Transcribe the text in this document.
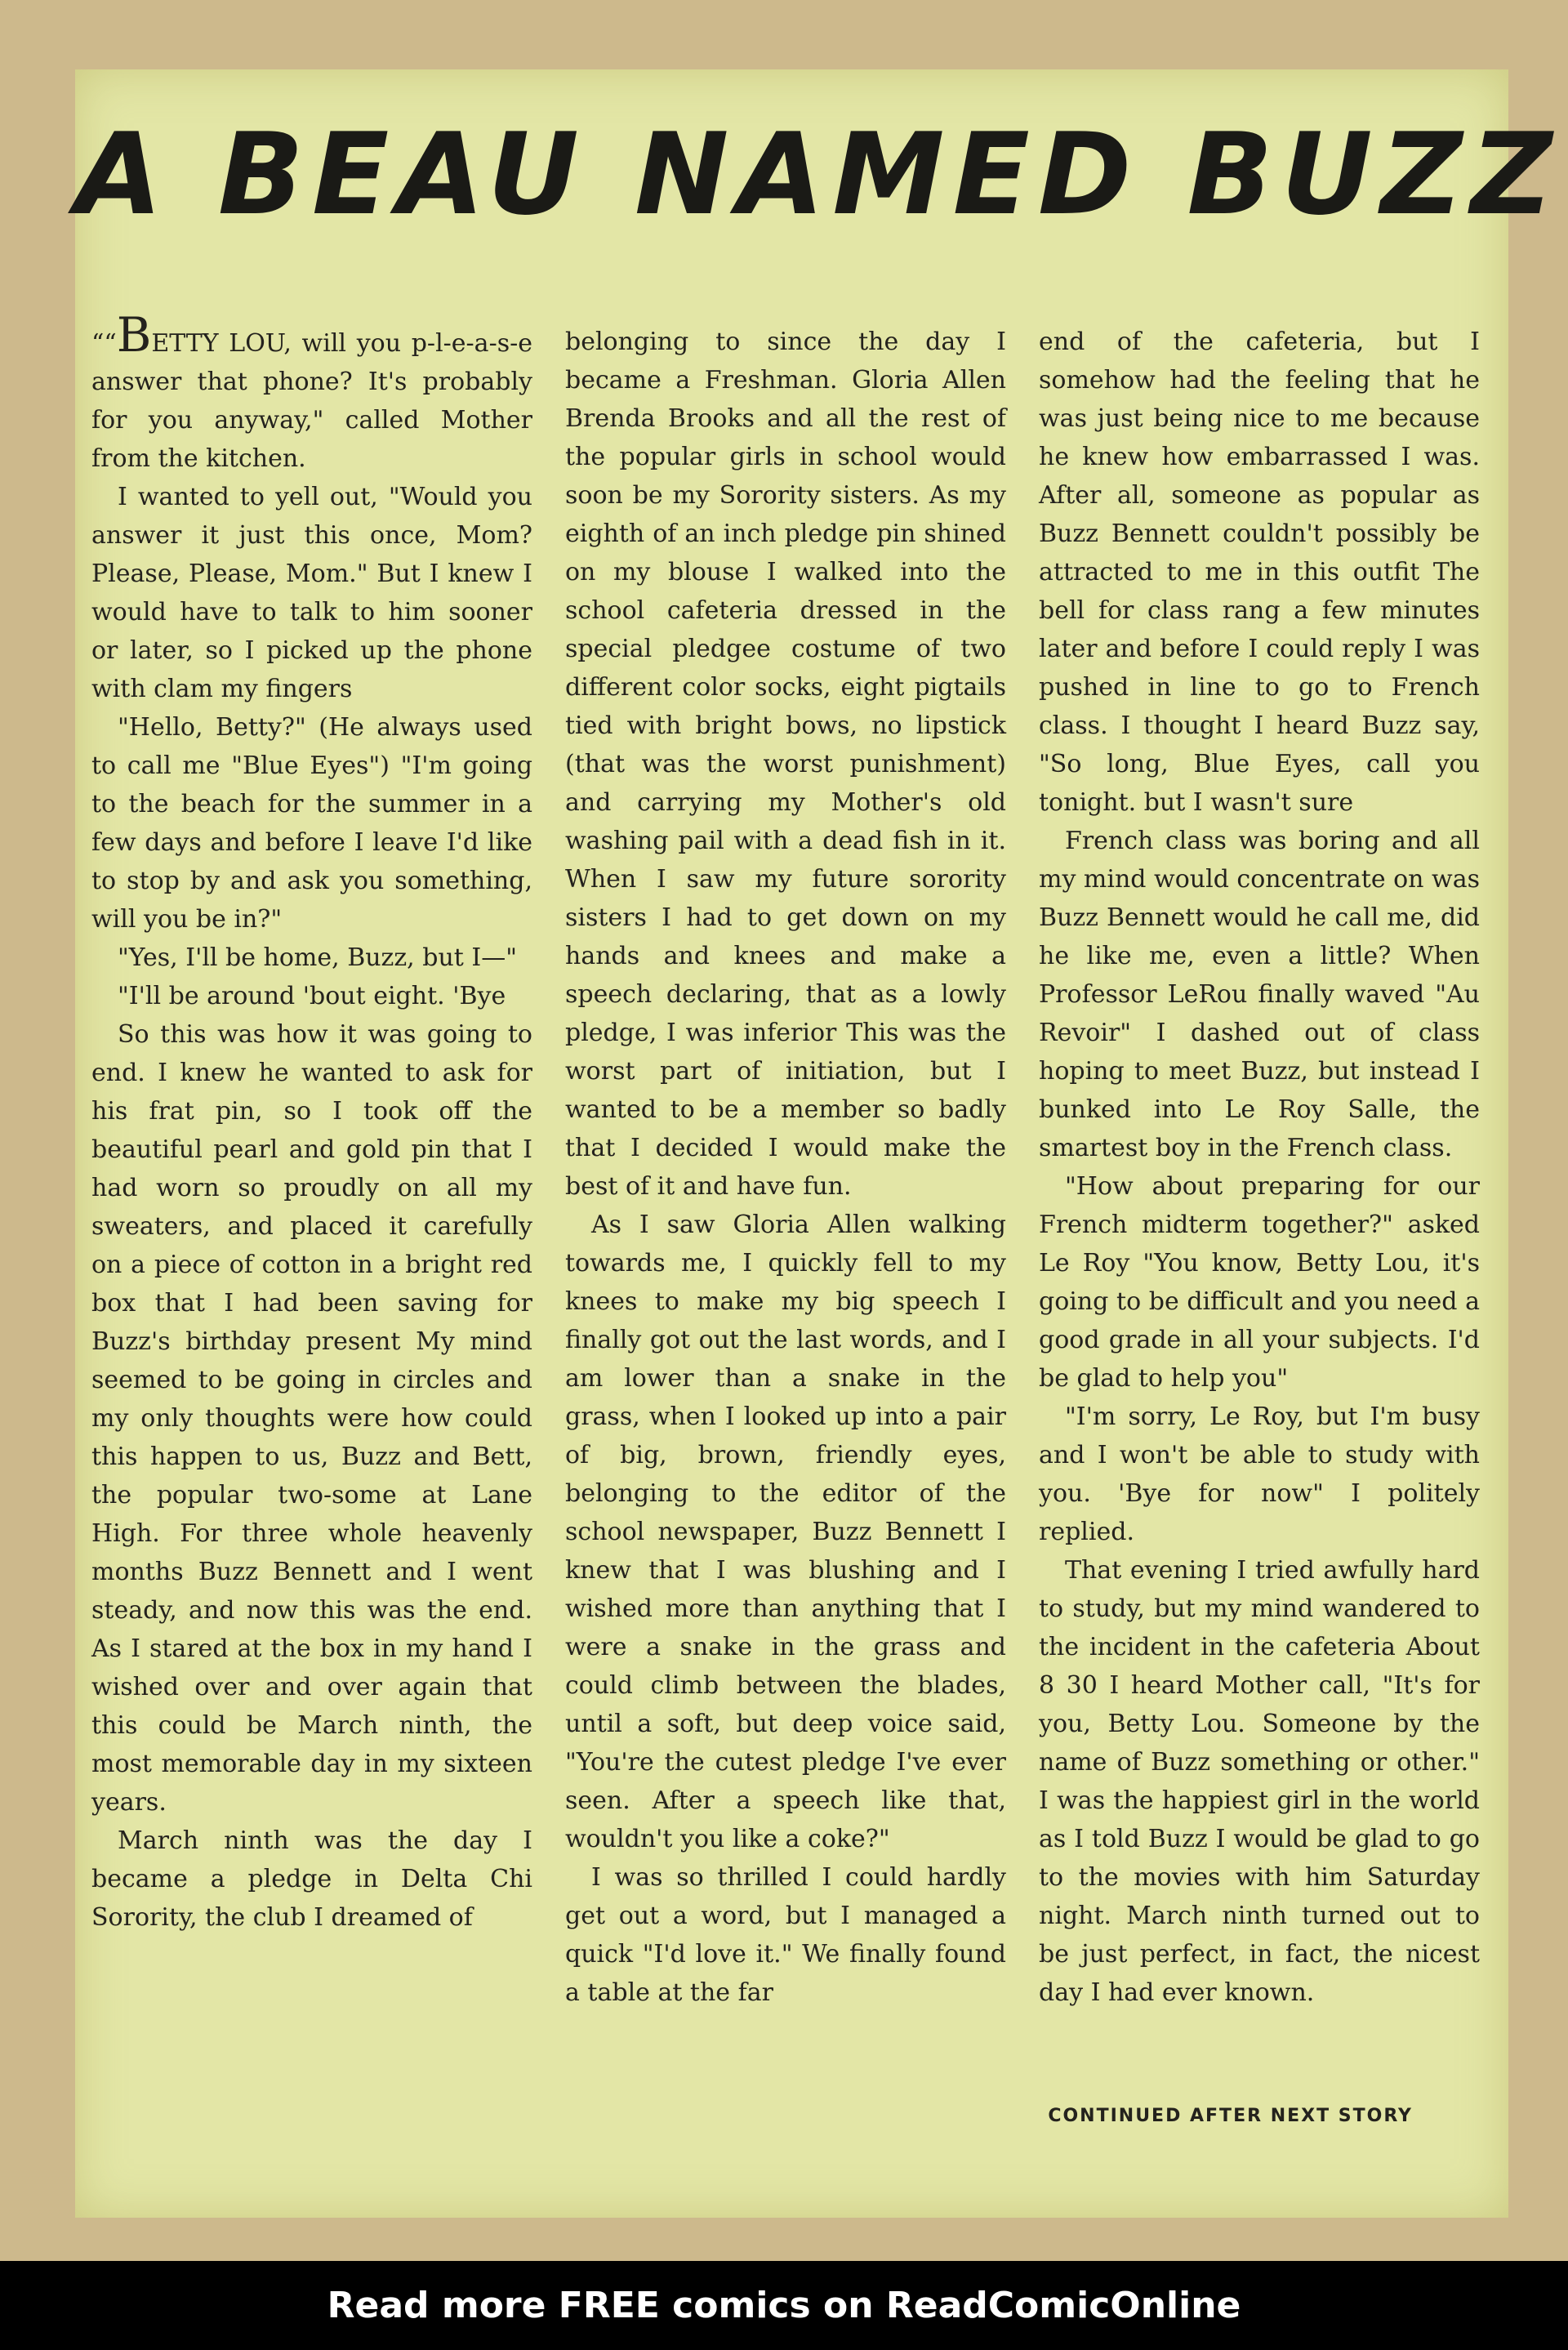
A BEAU NAMED BUZZ

““BETTY LOU, will you p-l-e-a-s-e answer that phone? It's probably for you anyway," called Mother from the kitchen.

I wanted to yell out, "Would you answer it just this once, Mom? Please, Please, Mom." But I knew I would have to talk to him sooner or later, so I picked up the phone with clam my fingers

"Hello, Betty?" (He always used to call me "Blue Eyes") "I'm going to the beach for the summer in a few days and before I leave I'd like to stop by and ask you something, will you be in?"

"Yes, I'll be home, Buzz, but I—"

"I'll be around 'bout eight. 'Bye

So this was how it was going to end. I knew he wanted to ask for his frat pin, so I took off the beautiful pearl and gold pin that I had worn so proudly on all my sweaters, and placed it carefully on a piece of cotton in a bright red box that I had been saving for Buzz's birthday present My mind seemed to be going in circles and my only thoughts were how could this happen to us, Buzz and Bett, the popular two-some at Lane High. For three whole heavenly months Buzz Bennett and I went steady, and now this was the end. As I stared at the box in my hand I wished over and over again that this could be March ninth, the most memorable day in my sixteen years.

March ninth was the day I became a pledge in Delta Chi Sorority, the club I dreamed of

belonging to since the day I became a Freshman. Gloria Allen Brenda Brooks and all the rest of the popular girls in school would soon be my Sorority sisters. As my eighth of an inch pledge pin shined on my blouse I walked into the school cafeteria dressed in the special pledgee costume of two different color socks, eight pigtails tied with bright bows, no lipstick (that was the worst punishment) and carrying my Mother's old washing pail with a dead fish in it. When I saw my future sorority sisters I had to get down on my hands and knees and make a speech declaring, that as a lowly pledge, I was inferior This was the worst part of initiation, but I wanted to be a member so badly that I decided I would make the best of it and have fun.

As I saw Gloria Allen walking towards me, I quickly fell to my knees to make my big speech I finally got out the last words, and I am lower than a snake in the grass, when I looked up into a pair of big, brown, friendly eyes, belonging to the editor of the school newspaper, Buzz Bennett I knew that I was blushing and I wished more than anything that I were a snake in the grass and could climb between the blades, until a soft, but deep voice said, "You're the cutest pledge I've ever seen. After a speech like that, wouldn't you like a coke?"

I was so thrilled I could hardly get out a word, but I managed a quick "I'd love it." We finally found a table at the far

end of the cafeteria, but I somehow had the feeling that he was just being nice to me because he knew how embarrassed I was. After all, someone as popular as Buzz Bennett couldn't possibly be attracted to me in this outfit The bell for class rang a few minutes later and before I could reply I was pushed in line to go to French class. I thought I heard Buzz say, "So long, Blue Eyes, call you tonight. but I wasn't sure

French class was boring and all my mind would concentrate on was Buzz Bennett would he call me, did he like me, even a little? When Professor LeRou finally waved "Au Revoir" I dashed out of class hoping to meet Buzz, but instead I bunked into Le Roy Salle, the smartest boy in the French class.

"How about preparing for our French midterm together?" asked Le Roy "You know, Betty Lou, it's going to be difficult and you need a good grade in all your subjects. I'd be glad to help you"

"I'm sorry, Le Roy, but I'm busy and I won't be able to study with you. 'Bye for now" I politely replied.

That evening I tried awfully hard to study, but my mind wandered to the incident in the cafeteria About 8 30 I heard Mother call, "It's for you, Betty Lou. Someone by the name of Buzz something or other." I was the happiest girl in the world as I told Buzz I would be glad to go to the movies with him Saturday night. March ninth turned out to be just perfect, in fact, the nicest day I had ever known.

CONTINUED AFTER NEXT STORY
Read more FREE comics on ReadComicOnline
